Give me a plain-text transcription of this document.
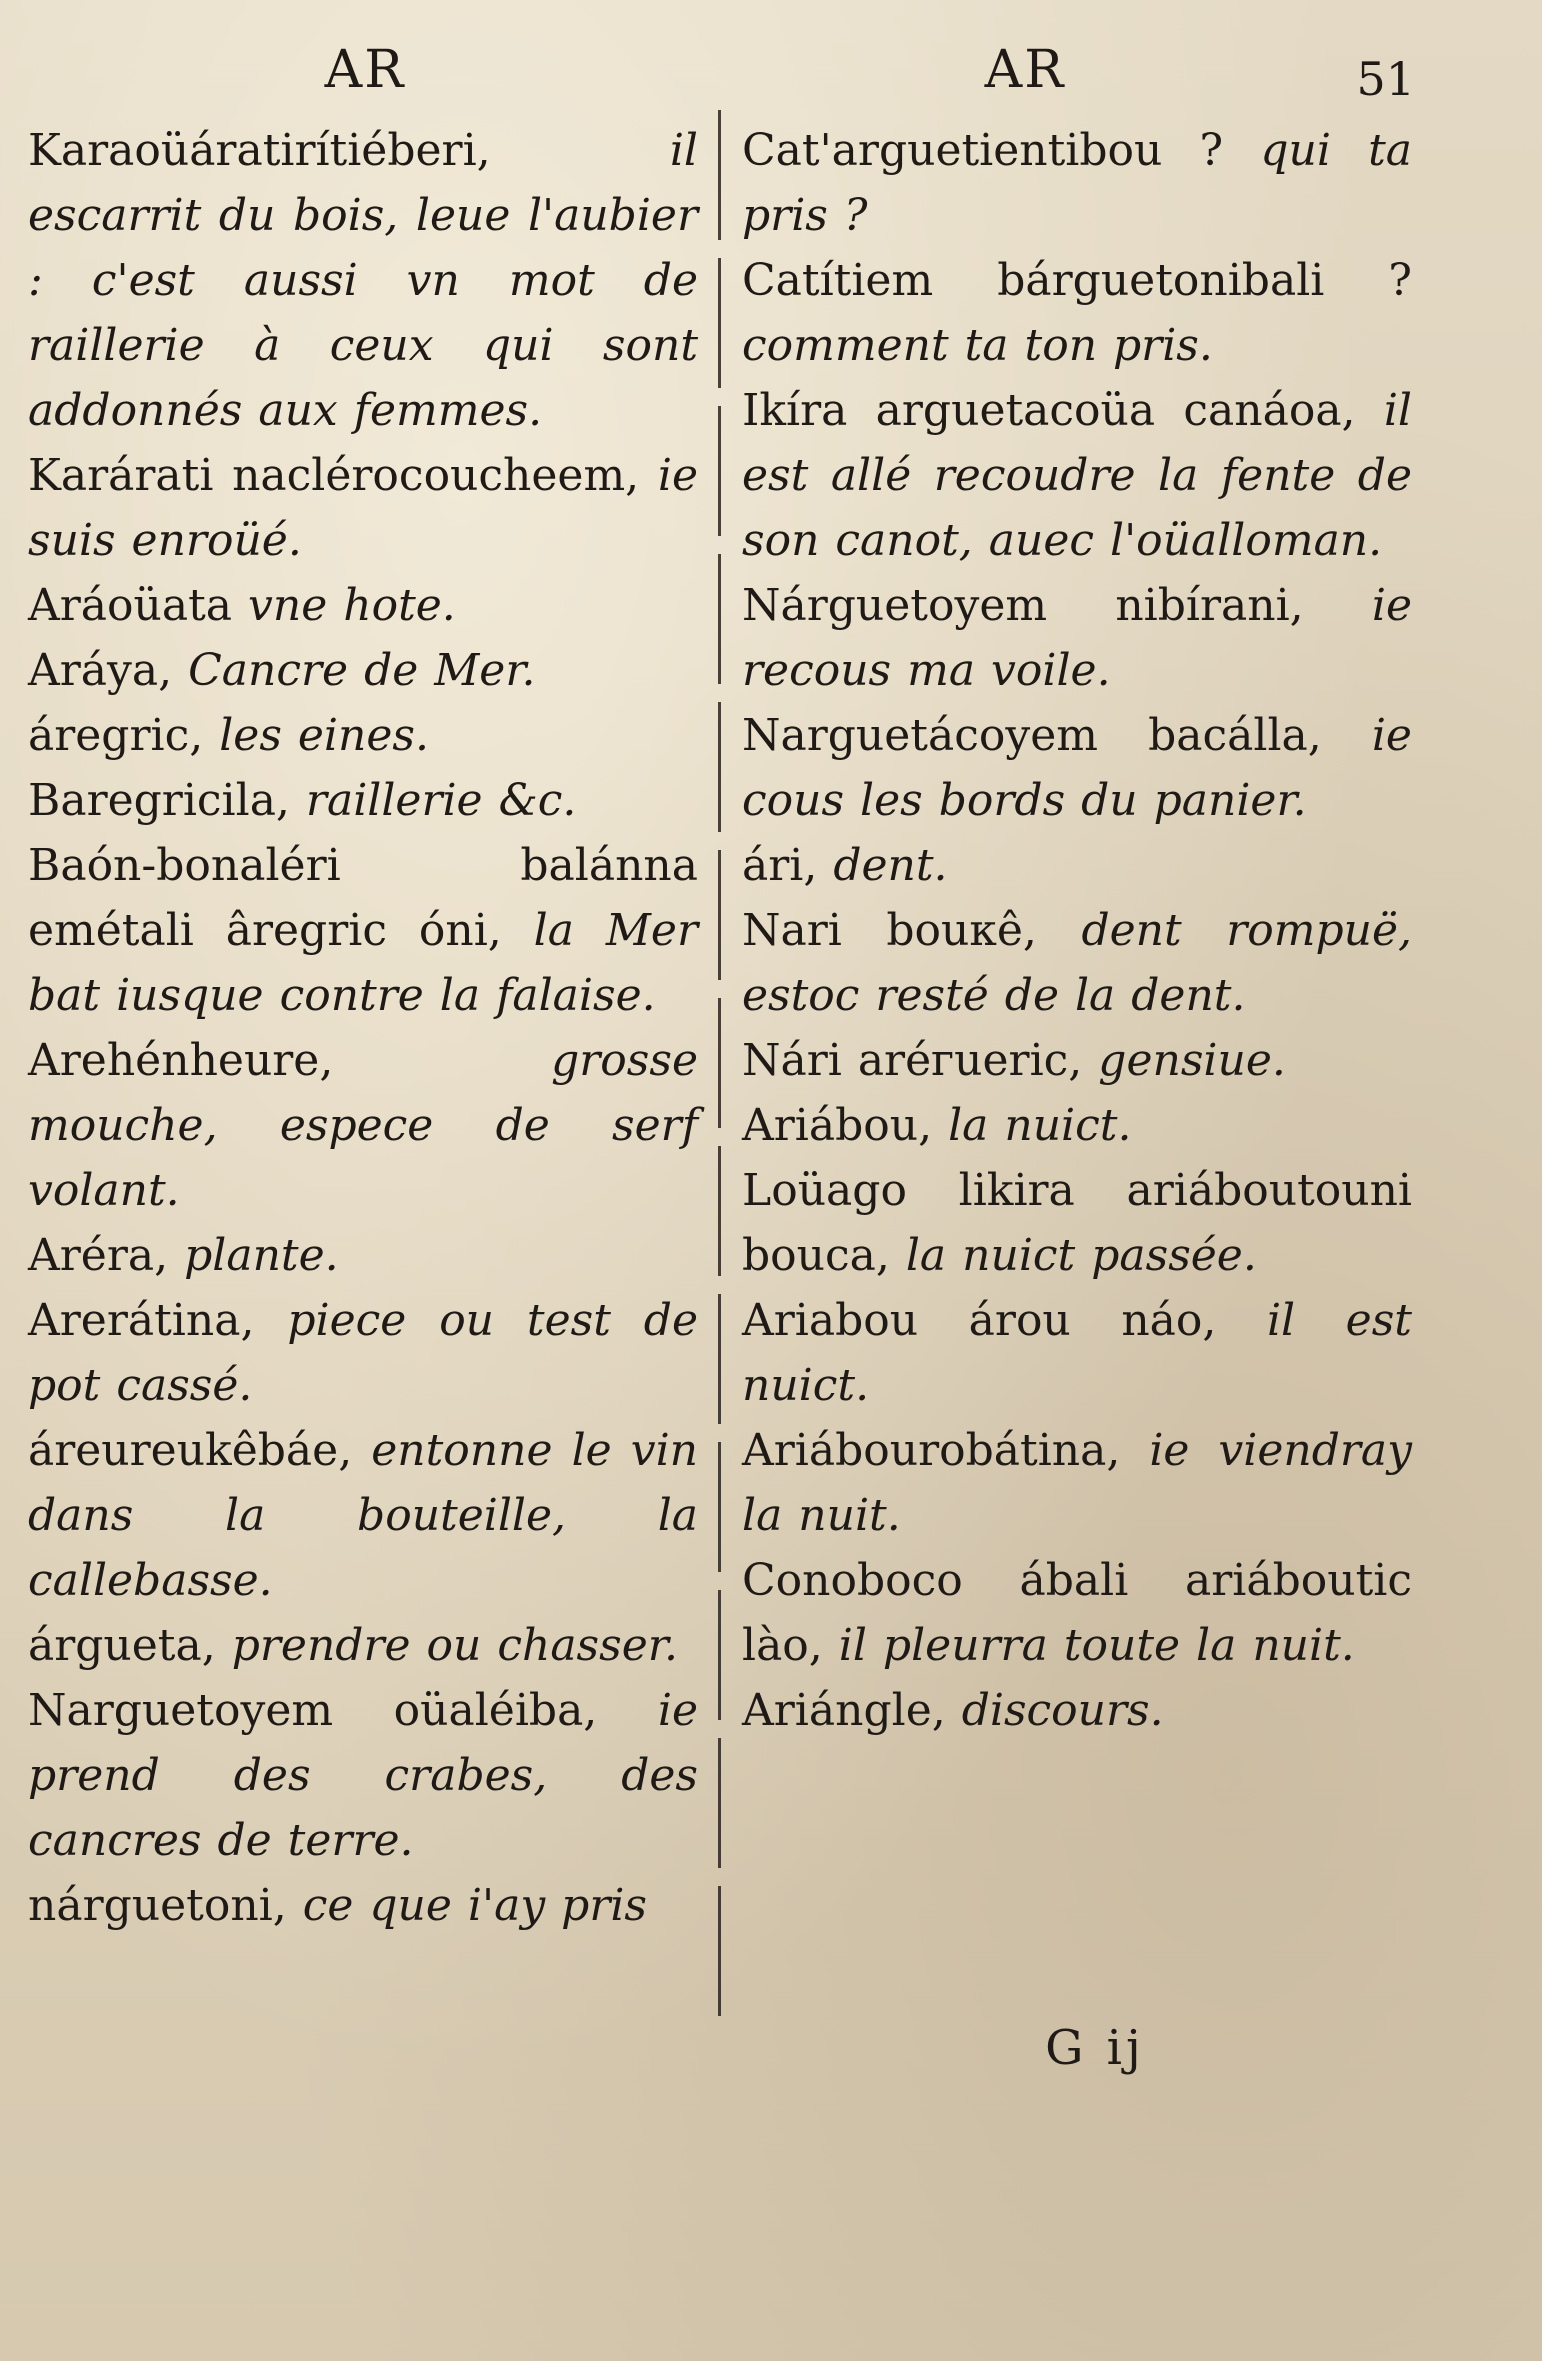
AR	AR	51

Karaoüáratirítiéberi,	il escarrit du bois, leue l'aubier : c'est aussi vn mot de raillerie à ceux qui sont addonnés aux femmes.

Karárati naclérocoucheem, ie suis enroüé.

Aráoüata vne hote.

Aráya, Cancre de Mer.

áregric, les eines.

Baregricila, raillerie &c.

Baón-bonaléri balánna emétali âregric óni, la Mer bat iusque contre la falaise.

Arehénheure,	grosse mouche, espece de serf volant.

Aréra, plante.

Arerátina, piece ou test de pot cassé.

áreureukêbáe, entonne le vin dans la bouteille, la callebasse.

árgueta, prendre ou chasser.

Narguetoyem oüaléiba, ie prend des crabes, des cancres de terre.

nárguetoni, ce que i'ay pris

Cat'arguetientibou ? qui ta pris ?

Catítiem bárguetonibali ? comment ta ton pris.

Ikíra arguetacoüa canáoa, il est allé recoudre la fente de son canot, auec l'oüalloman.

Nárguetoyem nibírani, ie recous ma voile.

Narguetácoyem bacálla, ie cous les bords du panier.

ári, dent.

Nari bouкê, dent rompuë, estoc resté de la dent.

Nári aréгueric, gensiue.

Ariábou, la nuict.

Loüago likira ariáboutouni bouca, la nuict passée.

Ariabou árou náo, il est nuict.

Ariábourobátina, ie viendray la nuit.

Conoboco ábali ariáboutic lào, il pleurra toute la nuit.

Ariángle, discours.

G ij
